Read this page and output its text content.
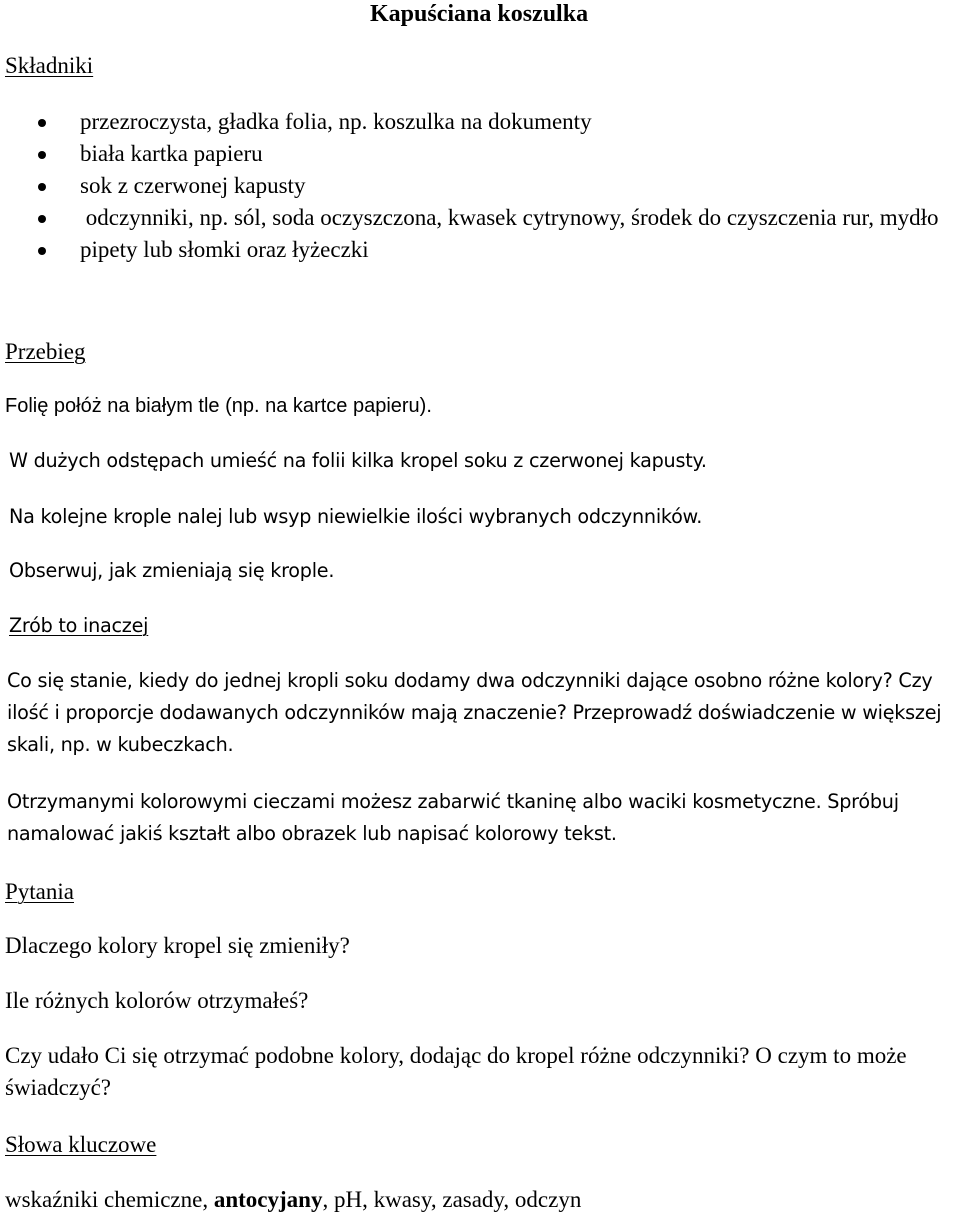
Kapuściana koszulka
Składniki
przezroczysta, gładka folia, np. koszulka na dokumenty
biała kartka papieru
sok z czerwonej kapusty
odczynniki, np. sól, soda oczyszczona, kwasek cytrynowy, środek do czyszczenia rur, mydło
pipety lub słomki oraz łyżeczki
Przebieg
Folię połóż na białym tle (np. na kartce papieru).
W dużych odstępach umieść na folii kilka kropel soku z czerwonej kapusty.
Na kolejne krople nalej lub wsyp niewielkie ilości wybranych odczynników.
Obserwuj, jak zmieniają się krople.
Zrób to inaczej

Co się stanie, kiedy do jednej kropli soku dodamy dwa odczynniki dające osobno różne kolory? Czy ilość i proporcje dodawanych odczynników mają znaczenie? Przeprowadź doświadczenie w większej skali, np. w kubeczkach.

Otrzymanymi kolorowymi cieczami możesz zabarwić tkaninę albo waciki kosmetyczne. Spróbuj namalować jakiś kształt albo obrazek lub napisać kolorowy tekst.

Pytania
Dlaczego kolory kropel się zmieniły?
Ile różnych kolorów otrzymałeś?

Czy udało Ci się otrzymać podobne kolory, dodając do kropel różne odczynniki? O czym to może świadczyć?

Słowa kluczowe
wskaźniki chemiczne, antocyjany, pH, kwasy, zasady, odczyn
